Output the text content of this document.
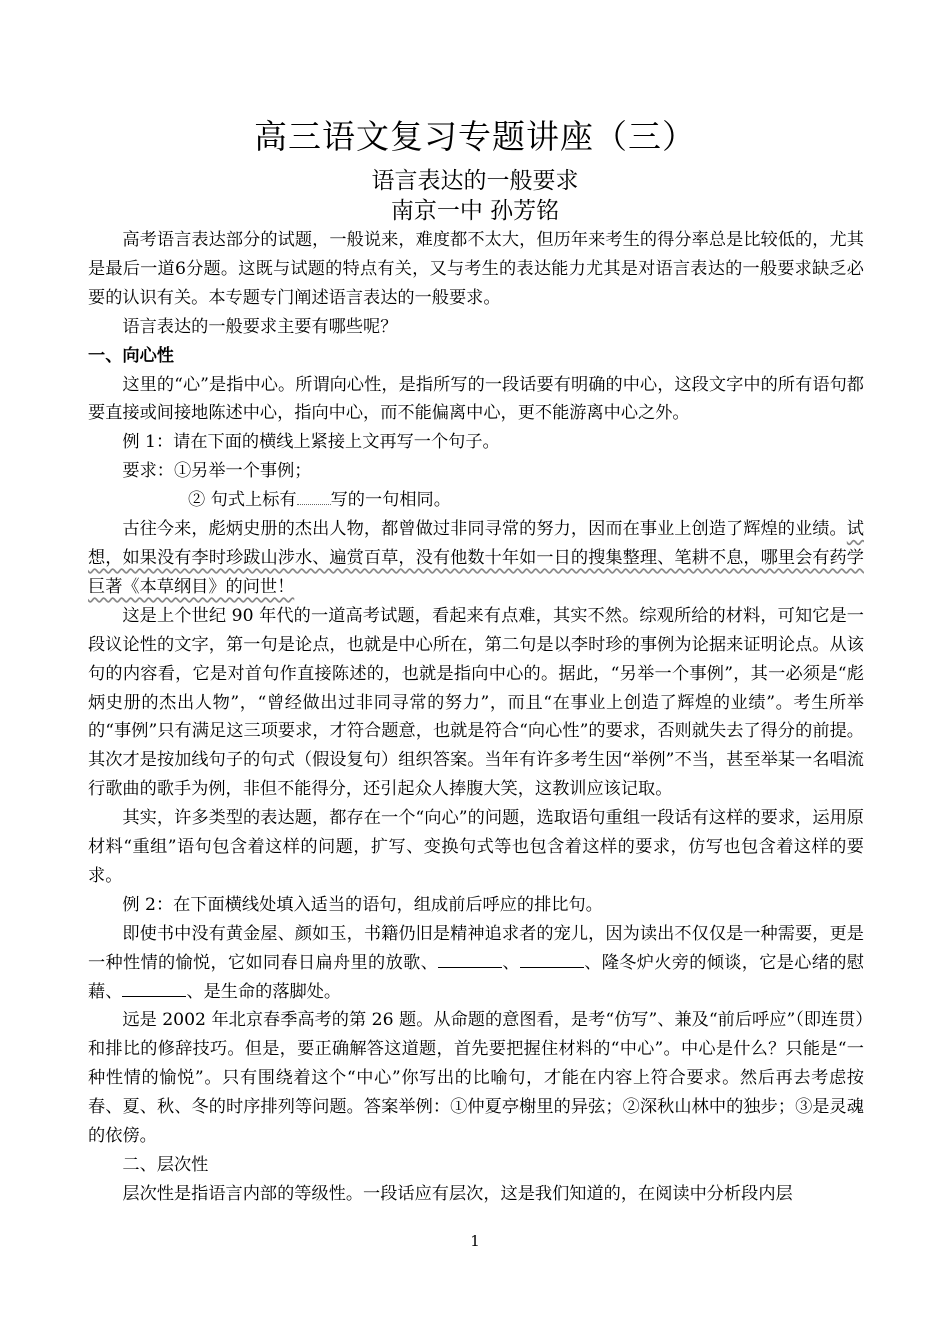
高三语文复习专题讲座（三）
语言表达的一般要求
南京一中 孙芳铭

高考语言表达部分的试题，一般说来，难度都不太大，但历年来考生的得分率总是比较低的，尤其是最后一道6分题。这既与试题的特点有关，又与考生的表达能力尤其是对语言表达的一般要求缺乏必要的认识有关。本专题专门阐述语言表达的一般要求。

语言表达的一般要求主要有哪些呢？

一、向心性

这里的“心”是指中心。所谓向心性，是指所写的一段话要有明确的中心，这段文字中的所有语句都要直接或间接地陈述中心，指向中心，而不能偏离中心，更不能游离中心之外。

例 1：请在下面的横线上紧接上文再写一个句子。

要求：①另举一个事例；

② 句式上标有 写的一句相同。

古往今来，彪炳史册的杰出人物，都曾做过非同寻常的努力，因而在事业上创造了辉煌的业绩。试想，如果没有李时珍跋山涉水、遍赏百草，没有他数十年如一日的搜集整理、笔耕不息，哪里会有药学巨著《本草纲目》的问世！

这是上个世纪 90 年代的一道高考试题，看起来有点难，其实不然。综观所给的材料，可知它是一段议论性的文字，第一句是论点，也就是中心所在，第二句是以李时珍的事例为论据来证明论点。从该句的内容看，它是对首句作直接陈述的，也就是指向中心的。据此，“另举一个事例”，其一必须是“彪炳史册的杰出人物”，“曾经做出过非同寻常的努力”，而且“在事业上创造了辉煌的业绩”。考生所举的“事例”只有满足这三项要求，才符合题意，也就是符合“向心性”的要求，否则就失去了得分的前提。其次才是按加线句子的句式（假设复句）组织答案。当年有许多考生因“举例”不当，甚至举某一名唱流行歌曲的歌手为例，非但不能得分，还引起众人捧腹大笑，这教训应该记取。

其实，许多类型的表达题，都存在一个“向心”的问题，选取语句重组一段话有这样的要求，运用原材料“重组”语句包含着这样的问题，扩写、变换句式等也包含着这样的要求，仿写也包含着这样的要求。

例 2：在下面横线处填入适当的语句，组成前后呼应的排比句。

即使书中没有黄金屋、颜如玉，书籍仍旧是精神追求者的宠儿，因为读出不仅仅是一种需要，更是一种性情的愉悦，它如同春日扁舟里的放歌、	、	、隆冬炉火旁的倾谈，它是心绪的慰藉、	、是生命的落脚处。

远是 2002 年北京春季高考的第 26 题。从命题的意图看，是考“仿写”、兼及“前后呼应”（即连贯）和排比的修辞技巧。但是，要正确解答这道题，首先要把握住材料的“中心”。中心是什么？只能是“一种性情的愉悦”。只有围绕着这个“中心”你写出的比喻句，才能在内容上符合要求。然后再去考虑按春、夏、秋、冬的时序排列等问题。答案举例：①仲夏亭榭里的异弦；②深秋山林中的独步；③是灵魂的依傍。

二、层次性

层次性是指语言内部的等级性。一段话应有层次，这是我们知道的，在阅读中分析段内层

1
